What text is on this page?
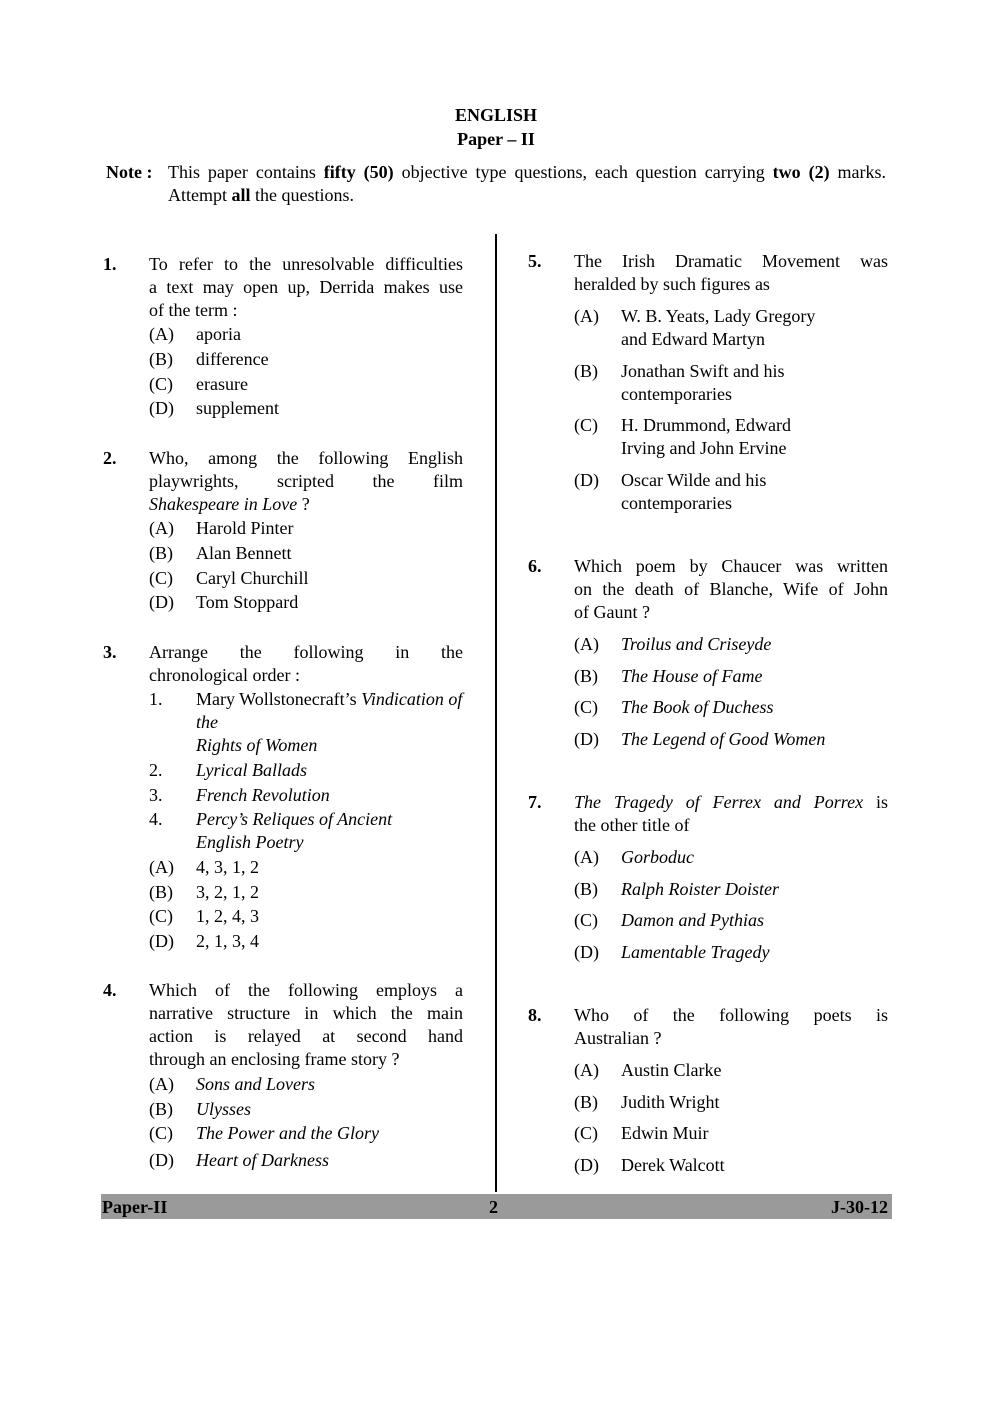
ENGLISH
Paper – II
Note : This paper contains fifty (50) objective type questions, each question carrying two (2) marks. Attempt all the questions.
1. To refer to the unresolvable difficulties
a text may open up, Derrida makes use
of the term :
(A) aporia
(B) difference
(C) erasure
(D) supplement
2. Who, among the following English
playwrights, scripted the film
Shakespeare in Love ?
(A) Harold Pinter
(B) Alan Bennett
(C) Caryl Churchill
(D) Tom Stoppard
3. Arrange the following in the
chronological order :
1. Mary Wollstonecraft’s Vindication of the
Rights of Women
2. Lyrical Ballads
3. French Revolution
4. Percy’s Reliques of Ancient
English Poetry
(A) 4, 3, 1, 2
(B) 3, 2, 1, 2
(C) 1, 2, 4, 3
(D) 2, 1, 3, 4
4. Which of the following employs a
narrative structure in which the main
action is relayed at second hand
through an enclosing frame story ?
(A) Sons and Lovers
(B) Ulysses
(C) The Power and the Glory
(D) Heart of Darkness
5. The Irish Dramatic Movement was
heralded by such figures as
(A) W. B. Yeats, Lady Gregory
and Edward Martyn
(B) Jonathan Swift and his
contemporaries
(C) H. Drummond, Edward
Irving and John Ervine
(D) Oscar Wilde and his
contemporaries
6. Which poem by Chaucer was written
on the death of Blanche, Wife of John
of Gaunt ?
(A) Troilus and Criseyde
(B) The House of Fame
(C) The Book of Duchess
(D) The Legend of Good Women
7. The Tragedy of Ferrex and Porrex is
the other title of
(A) Gorboduc
(B) Ralph Roister Doister
(C) Damon and Pythias
(D) Lamentable Tragedy
8. Who of the following poets is
Australian ?
(A) Austin Clarke
(B) Judith Wright
(C) Edwin Muir
(D) Derek Walcott
Paper-II	2	J-30-12
